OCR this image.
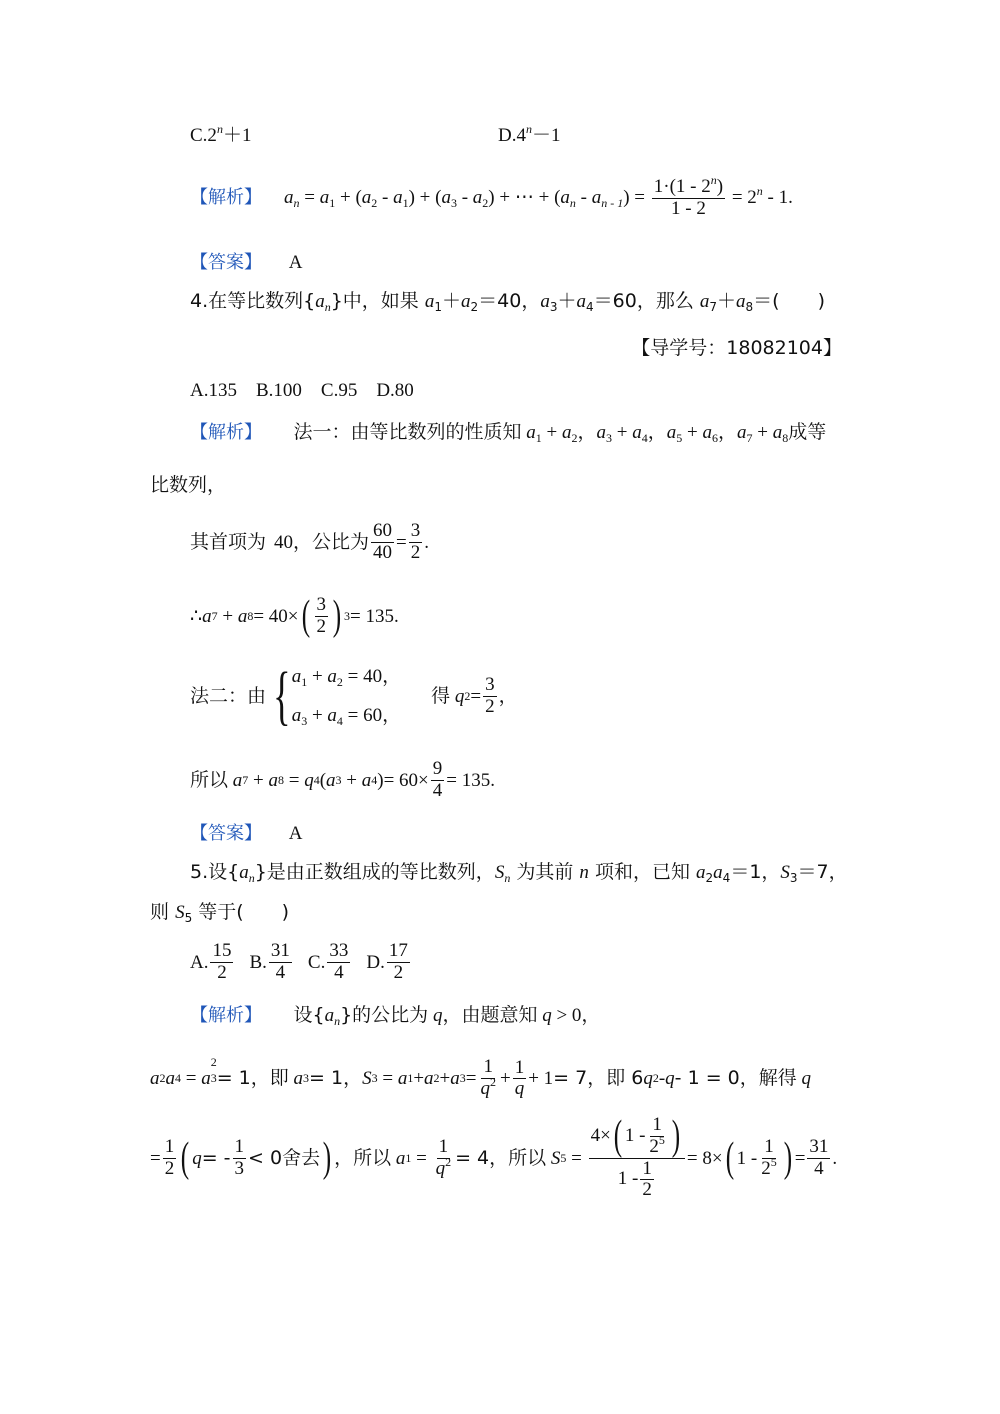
$C.2^n+1$	$D.4^n-1$
【解析】 $a_n = a_1 + (a_2 - a_1) + (a_3 - a_2)$ + ⋯ + $(a_n - a_{n - 1}) = \frac{1\cdot(1 - 2^n)}{1 - 2} = 2^n - 1$.
【答案】 A
4.在等比数列$\{a_n\}$中，如果 $a_1+a_2=40$，$a_3+a_4=60$，那么 $a_7+a_8=$(　　)
【导学号：18082104】
A.135　B.100　C.95　D.80
【解析】 法一：由等比数列的性质知 $a_1 + a_2$，$a_3 + a_4$，$a_5 + a_6$，$a_7 + a_8$成等
比数列，
其首项为 40 ，公比为 $\frac{60}{40} = \frac{3}{2}$ .
∴ a 7 + a 8 = 40× ( $\frac{3}{2}$ ) 3 = 135.
法二：由 { $a_1 + a_2 = 40$，
$a_3 + a_4 = 60$，
得
q $2 = \frac{3}{2}$ ，
所以
a 7 + a 8 = q 4 ( a 3 + a 4 ) = $60\times \frac{9}{4} = 135$.
【答案】 A
5.设$\{a_n\}$是由正数组成的等比数列，$S_n$ 为其前 n 项和，已知 $a_2a_4=1$，$S_3=7$，
则 $S_5$ 等于(　　)
A. $\frac{15}{2} B$. $\frac{31}{4} C$. $\frac{33}{4} D$. $\frac{17}{2}$
【解析】 设$\{a_n\}$的公比为 q，由题意知 q > 0，
a 2 a 4 = a 3
2
= 1，即
a 3 = 1， S 3 = a 1 + a 2 + a $3 = \frac{1}{q^2} + \frac{1}{q} + 1 = 7$，即 6 q 2 - q - 1 = 0，解得
q
= $\frac{1}{2}$ ( q = - $\frac{1}{3} < 0$舍去 ) ，所以
a $1 = \frac{1}{q^2} = 4$，所以
S $5 = \frac{4\times ( 1 - \frac{1}{2^5} )}{1 - \frac{1}{2}} = 8\times$ ( $1 - \frac{1}{2^5}$ ) = $\frac{31}{4}$ .
